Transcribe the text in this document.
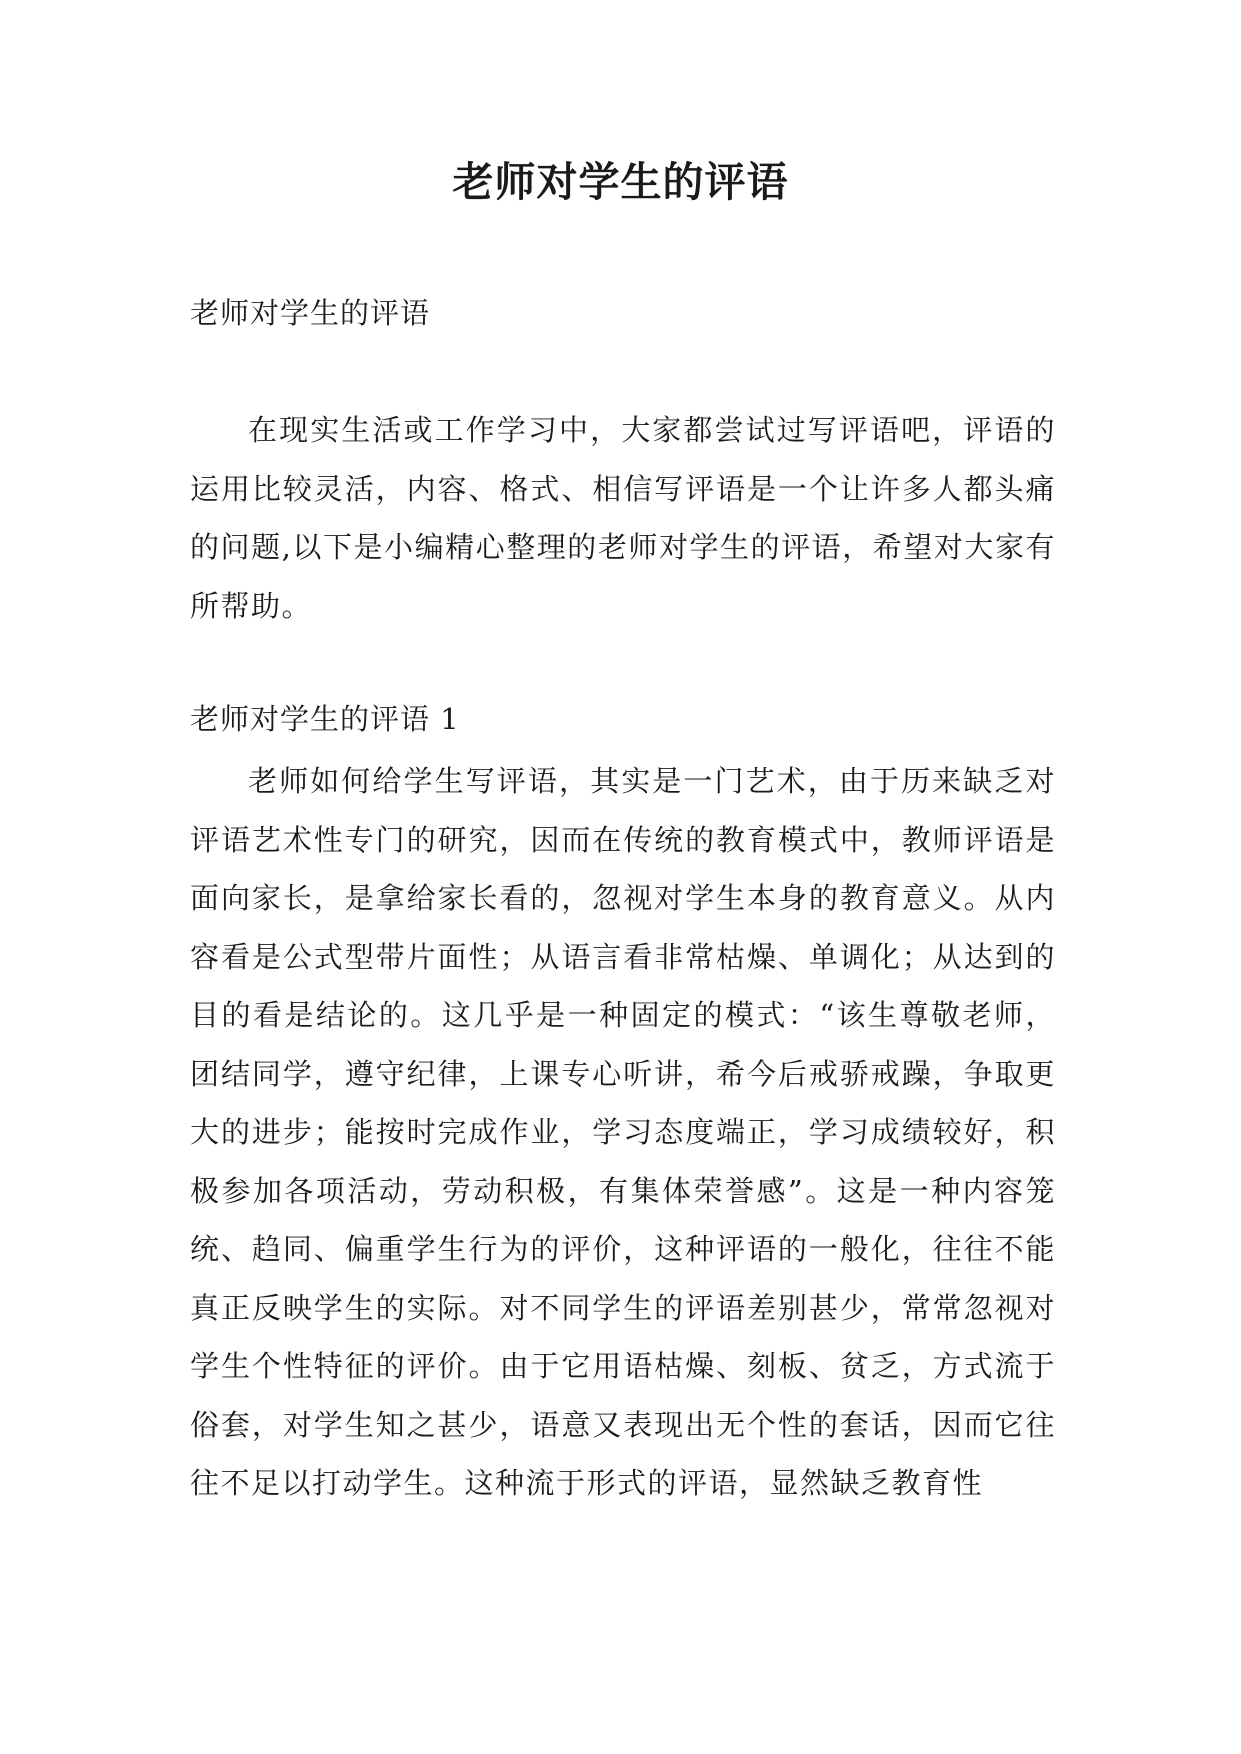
老师对学生的评语

老师对学生的评语

在现实生活或工作学习中，大家都尝试过写评语吧，评语的运用比较灵活，内容、格式、相信写评语是一个让许多人都头痛的问题,以下是小编精心整理的老师对学生的评语，希望对大家有所帮助。

老师对学生的评语 1

老师如何给学生写评语，其实是一门艺术，由于历来缺乏对评语艺术性专门的研究，因而在传统的教育模式中，教师评语是面向家长，是拿给家长看的，忽视对学生本身的教育意义。从内容看是公式型带片面性；从语言看非常枯燥、单调化；从达到的目的看是结论的。这几乎是一种固定的模式：“该生尊敬老师，团结同学，遵守纪律，上课专心听讲，希今后戒骄戒躁，争取更大的进步；能按时完成作业，学习态度端正，学习成绩较好，积极参加各项活动，劳动积极，有集体荣誉感”。这是一种内容笼统、趋同、偏重学生行为的评价，这种评语的一般化，往往不能真正反映学生的实际。对不同学生的评语差别甚少，常常忽视对学生个性特征的评价。由于它用语枯燥、刻板、贫乏，方式流于俗套，对学生知之甚少，语意又表现出无个性的套话，因而它往往不足以打动学生。这种流于形式的评语，显然缺乏教育性
